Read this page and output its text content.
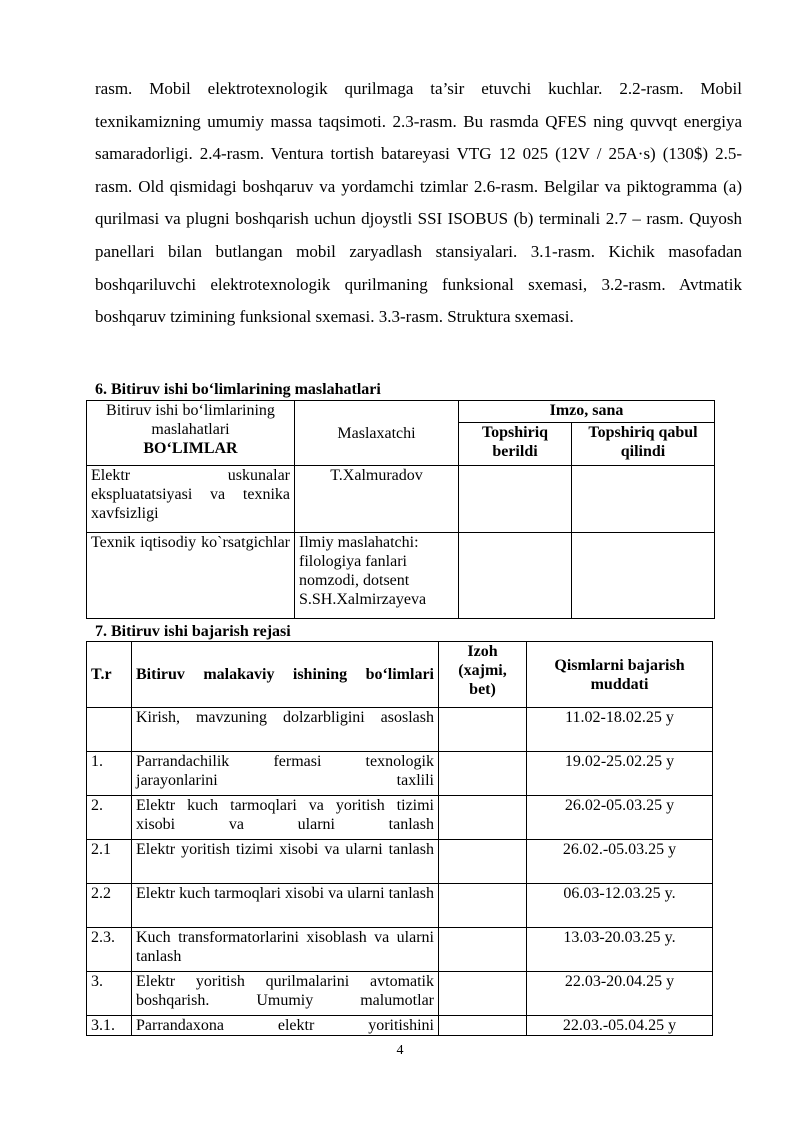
rasm. Mobil elektrotexnologik qurilmaga ta’sir etuvchi kuchlar. 2.2-rasm. Mobil texnikamizning umumiy massa taqsimoti. 2.3-rasm. Bu rasmda QFES ning quvvqt energiya samaradorligi. 2.4-rasm. Ventura tortish batareyasi VTG 12 025 (12V / 25A·s) (130$) 2.5-rasm. Old qismidagi boshqaruv va yordamchi tzimlar 2.6-rasm. Belgilar va piktogramma (a) qurilmasi va plugni boshqarish uchun djoystli SSI ISOBUS (b) terminali 2.7 – rasm. Quyosh panellari bilan butlangan mobil zaryadlash stansiyalari. 3.1-rasm. Kichik masofadan boshqariluvchi elektrotexnologik qurilmaning funksional sxemasi, 3.2-rasm. Avtmatik boshqaruv tzimining funksional sxemasi. 3.3-rasm. Struktura sxemasi.

6. Bitiruv ishi bo‘limlarining maslahatlari

Bitiruv ishi bo‘limlarining maslahatlari
BO‘LIMLAR	Maslaxatchi	Imzo, sana	
		Topshiriq berildi	Topshiriq qabul qilindi
Elektr uskunalar ekspluatatsiyasi va texnika xavfsizligi	T.Xalmuradov		
Texnik iqtisodiy ko`rsatgichlar	Ilmiy maslahatchi: filologiya fanlari nomzodi, dotsent S.SH.Xalmirzayeva		

7. Bitiruv ishi bajarish rejasi

T.r	Bitiruv malakaviy ishining bo‘limlari	Izoh (xajmi, bet)	Qismlarni bajarish muddati
	Kirish, mavzuning dolzarbligini asoslash		11.02-18.02.25 y
1.	Parrandachilik fermasi texnologik jarayonlarini taxlili		19.02-25.02.25 y
2.	Elektr kuch tarmoqlari va yoritish tizimi xisobi va ularni tanlash		26.02-05.03.25 y
2.1	Elektr yoritish tizimi xisobi va ularni tanlash		26.02.-05.03.25 y
2.2	Elektr kuch tarmoqlari xisobi va ularni tanlash		06.03-12.03.25 y.
2.3.	Kuch transformatorlarini xisoblash va ularni tanlash		13.03-20.03.25 y.
3.	Elektr yoritish qurilmalarini avtomatik boshqarish. Umumiy malumotlar		22.03-20.04.25 y
3.1.	Parrandaxona elektr yoritishini		22.03.-05.04.25 y
4
